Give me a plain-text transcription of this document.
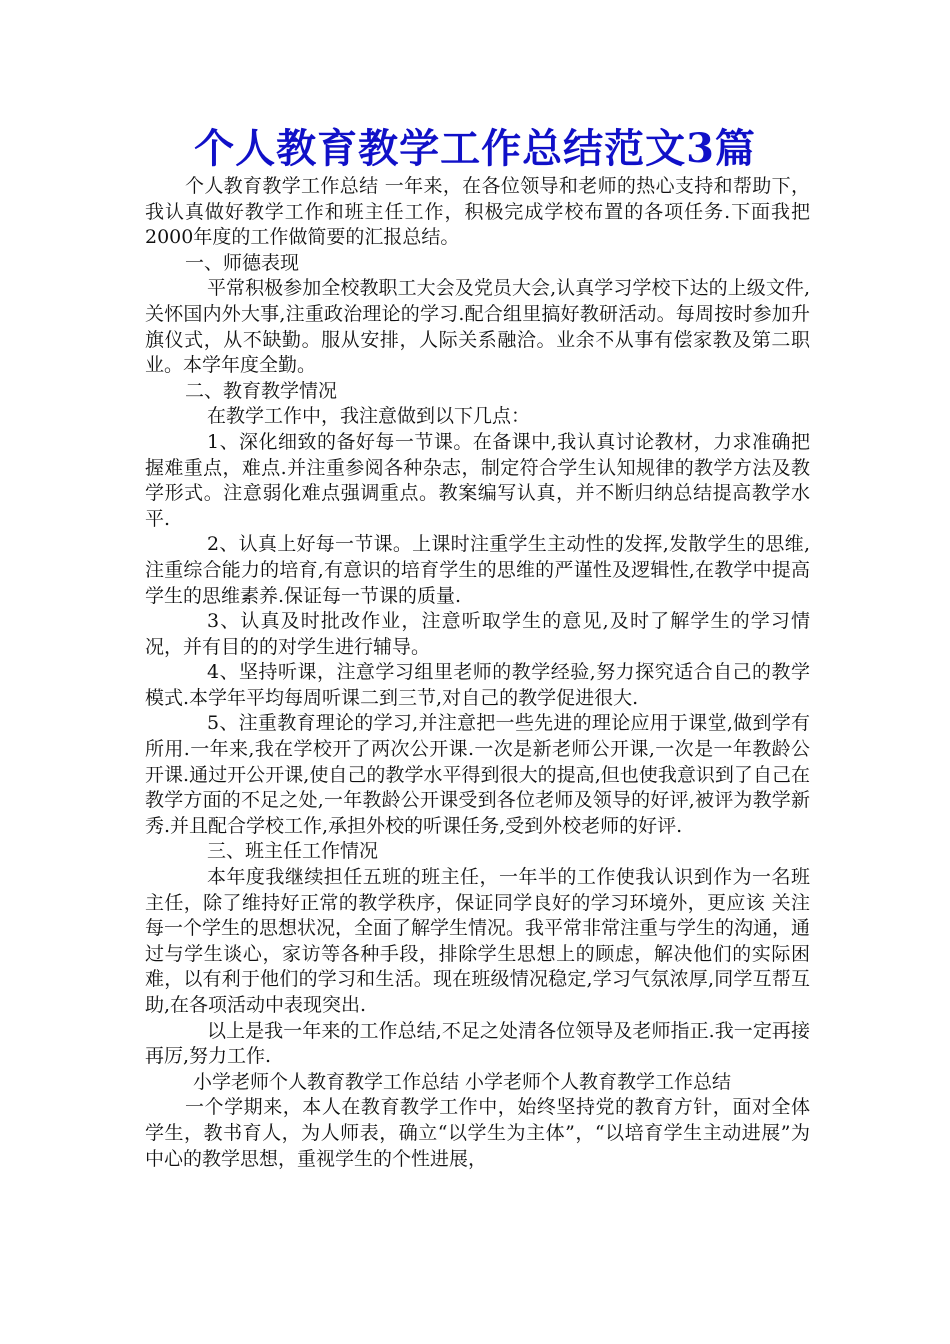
个人教育教学工作总结范文3篇

个人教育教学工作总结 一年来，在各位领导和老师的热心支持和帮助下，我认真做好教学工作和班主任工作，积极完成学校布置的各项任务.下面我把2000年度的工作做简要的汇报总结。

一、师德表现

平常积极参加全校教职工大会及党员大会,认真学习学校下达的上级文件,关怀国内外大事,注重政治理论的学习.配合组里搞好教研活动。每周按时参加升旗仪式，从不缺勤。服从安排，人际关系融洽。业余不从事有偿家教及第二职业。本学年度全勤。

二、教育教学情况

在教学工作中，我注意做到以下几点：

1、深化细致的备好每一节课。在备课中,我认真讨论教材，力求准确把握难重点，难点.并注重参阅各种杂志，制定符合学生认知规律的教学方法及教学形式。注意弱化难点强调重点。教案编写认真，并不断归纳总结提高教学水平.

2、认真上好每一节课。上课时注重学生主动性的发挥,发散学生的思维,注重综合能力的培育,有意识的培育学生的思维的严谨性及逻辑性,在教学中提高学生的思维素养.保证每一节课的质量.

3、认真及时批改作业，注意听取学生的意见,及时了解学生的学习情况，并有目的的对学生进行辅导。

4、坚持听课，注意学习组里老师的教学经验,努力探究适合自己的教学模式.本学年平均每周听课二到三节,对自己的教学促进很大.

5、注重教育理论的学习,并注意把一些先进的理论应用于课堂,做到学有所用.一年来,我在学校开了两次公开课.一次是新老师公开课,一次是一年教龄公开课.通过开公开课,使自己的教学水平得到很大的提高,但也使我意识到了自己在教学方面的不足之处,一年教龄公开课受到各位老师及领导的好评,被评为教学新秀.并且配合学校工作,承担外校的听课任务,受到外校老师的好评.

三、班主任工作情况

本年度我继续担任五班的班主任，一年半的工作使我认识到作为一名班主任，除了维持好正常的教学秩序，保证同学良好的学习环境外，更应该 关注每一个学生的思想状况，全面了解学生情况。我平常非常注重与学生的沟通，通过与学生谈心，家访等各种手段，排除学生思想上的顾虑，解决他们的实际困难，以有利于他们的学习和生活。现在班级情况稳定,学习气氛浓厚,同学互帮互助,在各项活动中表现突出.

以上是我一年来的工作总结,不足之处清各位领导及老师指正.我一定再接再厉,努力工作.

小学老师个人教育教学工作总结 小学老师个人教育教学工作总结

一个学期来，本人在教育教学工作中，始终坚持党的教育方针，面对全体学生，教书育人，为人师表，确立“以学生为主体”，“以培育学生主动进展”为中心的教学思想，重视学生的个性进展，
